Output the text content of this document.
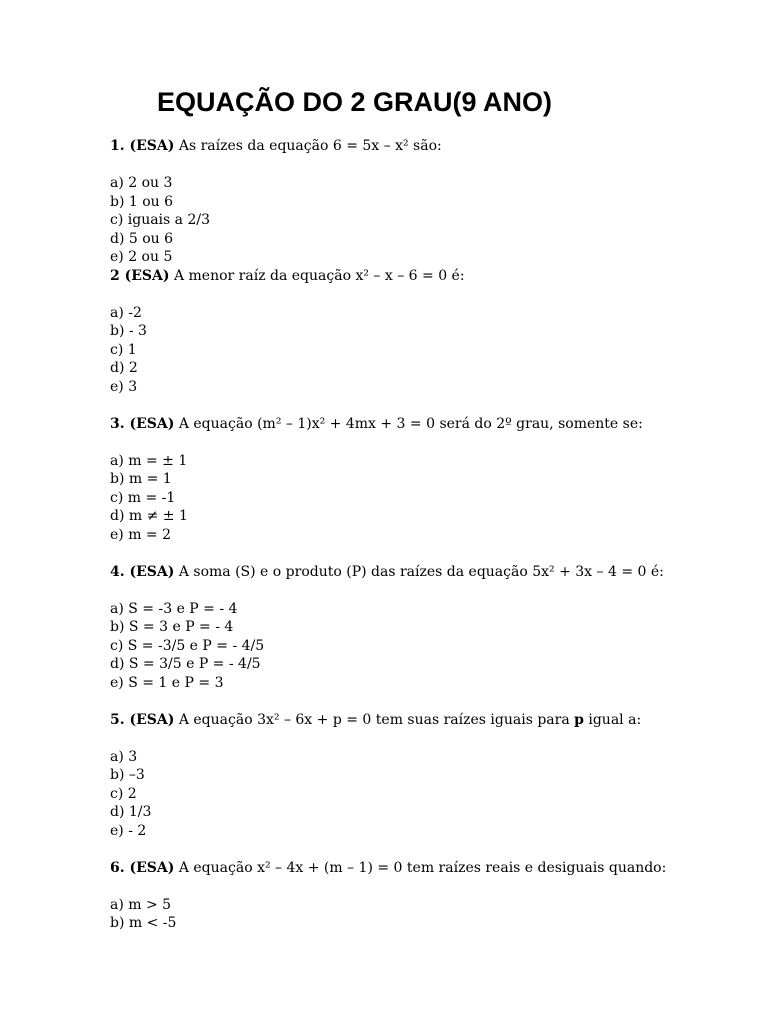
EQUAÇÃO DO 2 GRAU(9 ANO)

1. (ESA) As raízes da equação 6 = 5x – x² são:

a) 2 ou 3
b) 1 ou 6
c) iguais a 2/3
d) 5 ou 6
e) 2 ou 5

2 (ESA) A menor raíz da equação x² – x – 6 = 0 é:

a) -2
b) - 3
c) 1
d) 2
e) 3

3. (ESA) A equação (m² – 1)x² + 4mx + 3 = 0 será do 2º grau, somente se:

a) m = ± 1
b) m = 1
c) m = -1
d) m ≠ ± 1
e) m = 2

4. (ESA) A soma (S) e o produto (P) das raízes da equação 5x² + 3x – 4 = 0 é:

a) S = -3 e P = - 4
b) S = 3 e P = - 4
c) S = -3/5 e P = - 4/5
d) S = 3/5 e P = - 4/5
e) S = 1 e P = 3

5. (ESA) A equação 3x² – 6x + p = 0 tem suas raízes iguais para p igual a:

a) 3
b) –3
c) 2
d) 1/3
e) - 2

6. (ESA) A equação x² – 4x + (m – 1) = 0 tem raízes reais e desiguais quando:

a) m > 5
b) m < -5
